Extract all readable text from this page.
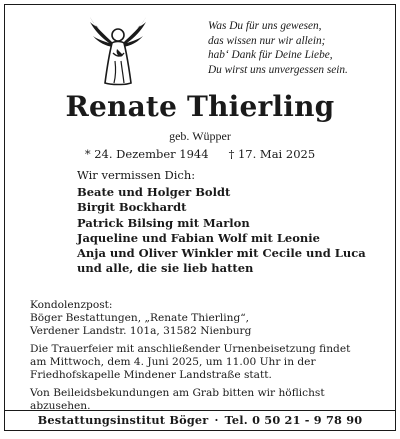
Was Du für uns gewesen,
das wissen nur wir allein;
hab‘ Dank für Deine Liebe,
Du wirst uns unvergessen sein.
Renate Thierling
geb. Wüpper
* 24. Dezember 1944 † 17. Mai 2025
Wir vermissen Dich:
Beate und Holger Boldt
Birgit Bockhardt
Patrick Bilsing mit Marlon
Jaqueline und Fabian Wolf mit Leonie
Anja und Oliver Winkler mit Cecile und Luca
und alle, die sie lieb hatten
Kondolenzpost:
Böger Bestattungen, „Renate Thierling“,
Verdener Landstr. 101a, 31582 Nienburg
Die Trauerfeier mit anschließender Urnenbeisetzung findet
am Mittwoch, dem 4. Juni 2025, um 11.00 Uhr in der
Friedhofskapelle Mindener Landstraße statt.
Von Beileidsbekundungen am Grab bitten wir höflichst
abzusehen.
Bestattungsinstitut Böger · Tel. 0 50 21 - 9 78 90
